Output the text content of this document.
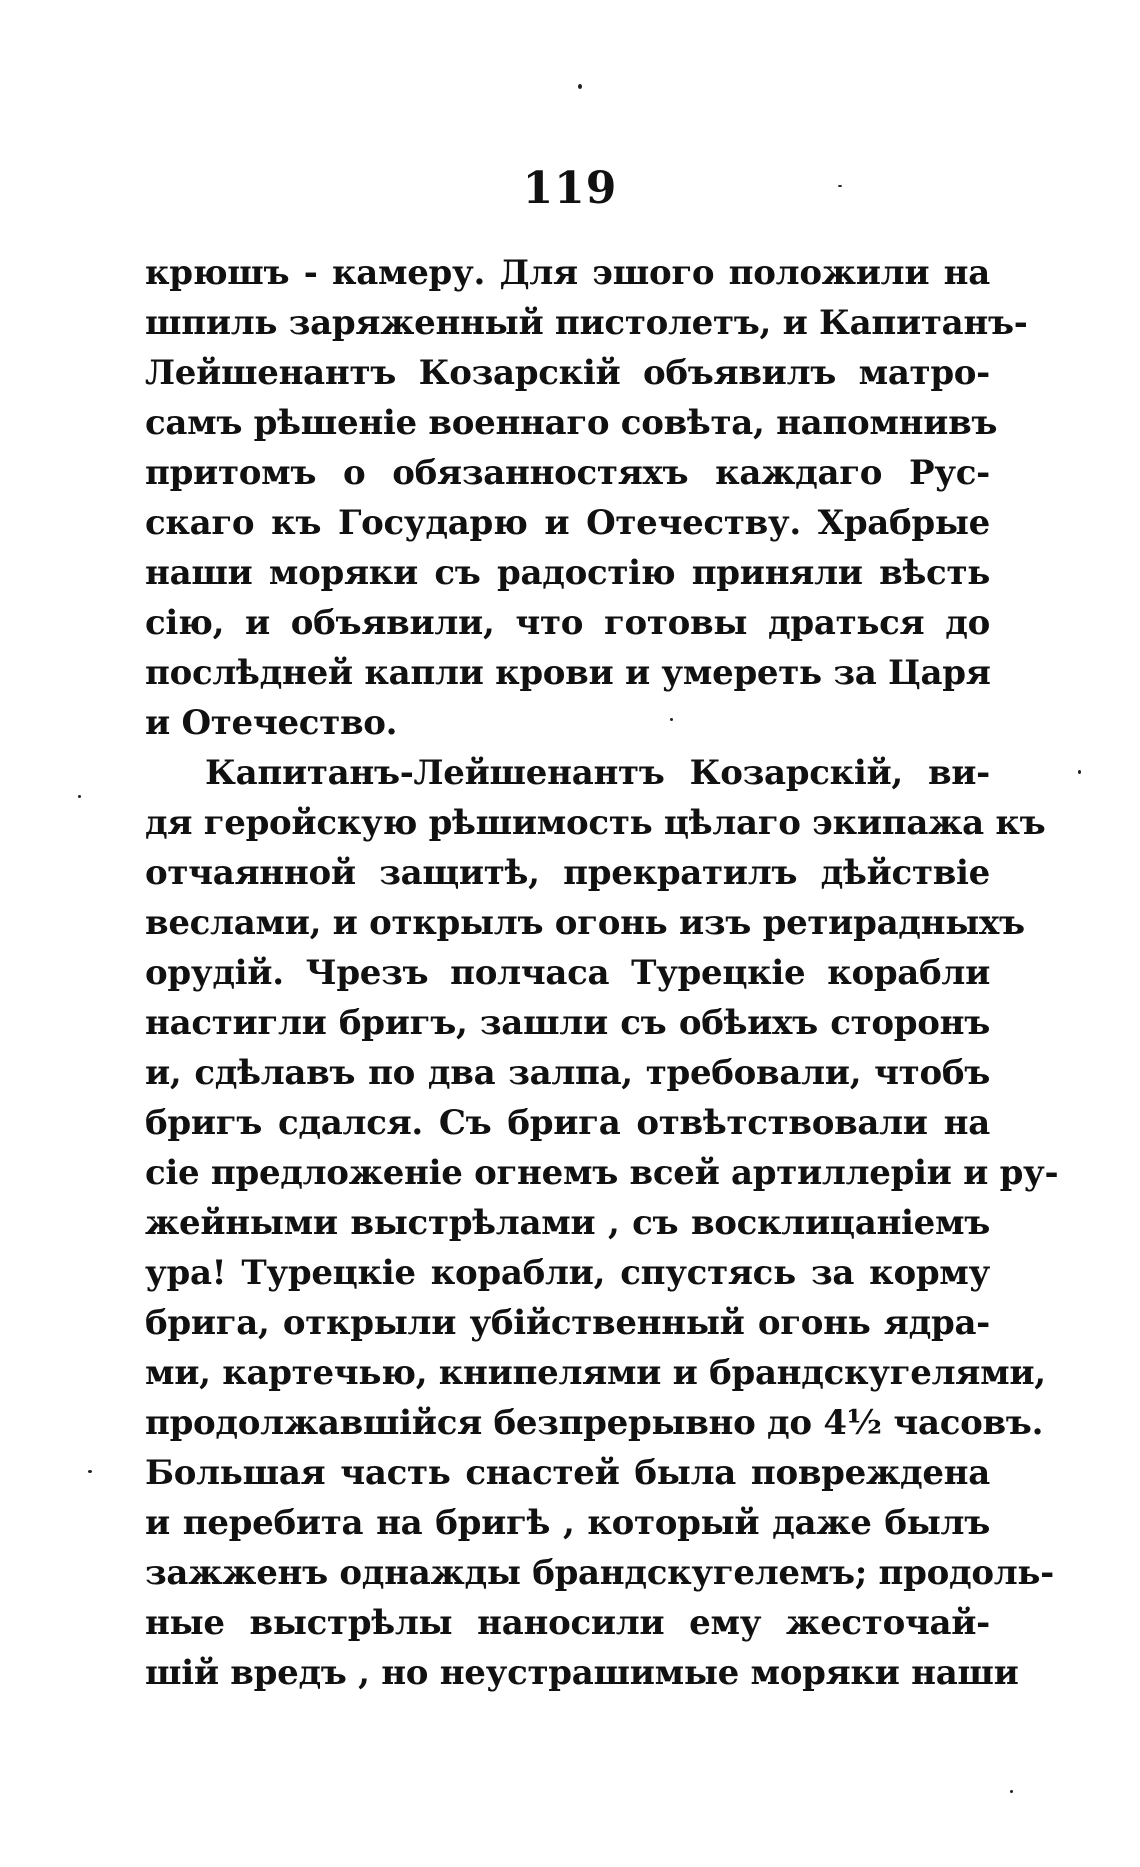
119
крюшъ - камеру. Для эшого положили на
шпиль заряженный пистолетъ, и Капитанъ-
Лейшенантъ Козарскій объявилъ матро-
самъ рѣшеніе военнаго совѣта, напомнивъ
притомъ о обязанностяхъ каждаго Рус-
скаго къ Государю и Отечеству. Храбрые
наши моряки съ радостію приняли вѣсть
сію, и объявили, что готовы драться до
послѣдней капли крови и умереть за Царя
и Отечество.
Капитанъ-Лейшенантъ Козарскій, ви-
дя геройскую рѣшимость цѣлаго экипажа къ
отчаянной защитѣ, прекратилъ дѣйствіе
веслами, и открылъ огонь изъ ретирадныхъ
орудій. Чрезъ полчаса Турецкіе корабли
настигли бригъ, зашли съ обѣихъ сторонъ
и, сдѣлавъ по два залпа, требовали, чтобъ
бригъ сдался. Съ брига отвѣтствовали на
сіе предложеніе огнемъ всей артиллеріи и ру-
жейными выстрѣлами , съ восклицаніемъ
ура! Турецкіе корабли, спустясь за корму
брига, открыли убійственный огонь ядра-
ми, картечью, книпелями и брандскугелями,
продолжавшійся безпрерывно до 4½ часовъ.
Большая часть снастей была повреждена
и перебита на бригѣ , который даже былъ
зажженъ однажды брандскугелемъ; продоль-
ные выстрѣлы наносили ему жесточай-
шій вредъ , но неустрашимые моряки наши
